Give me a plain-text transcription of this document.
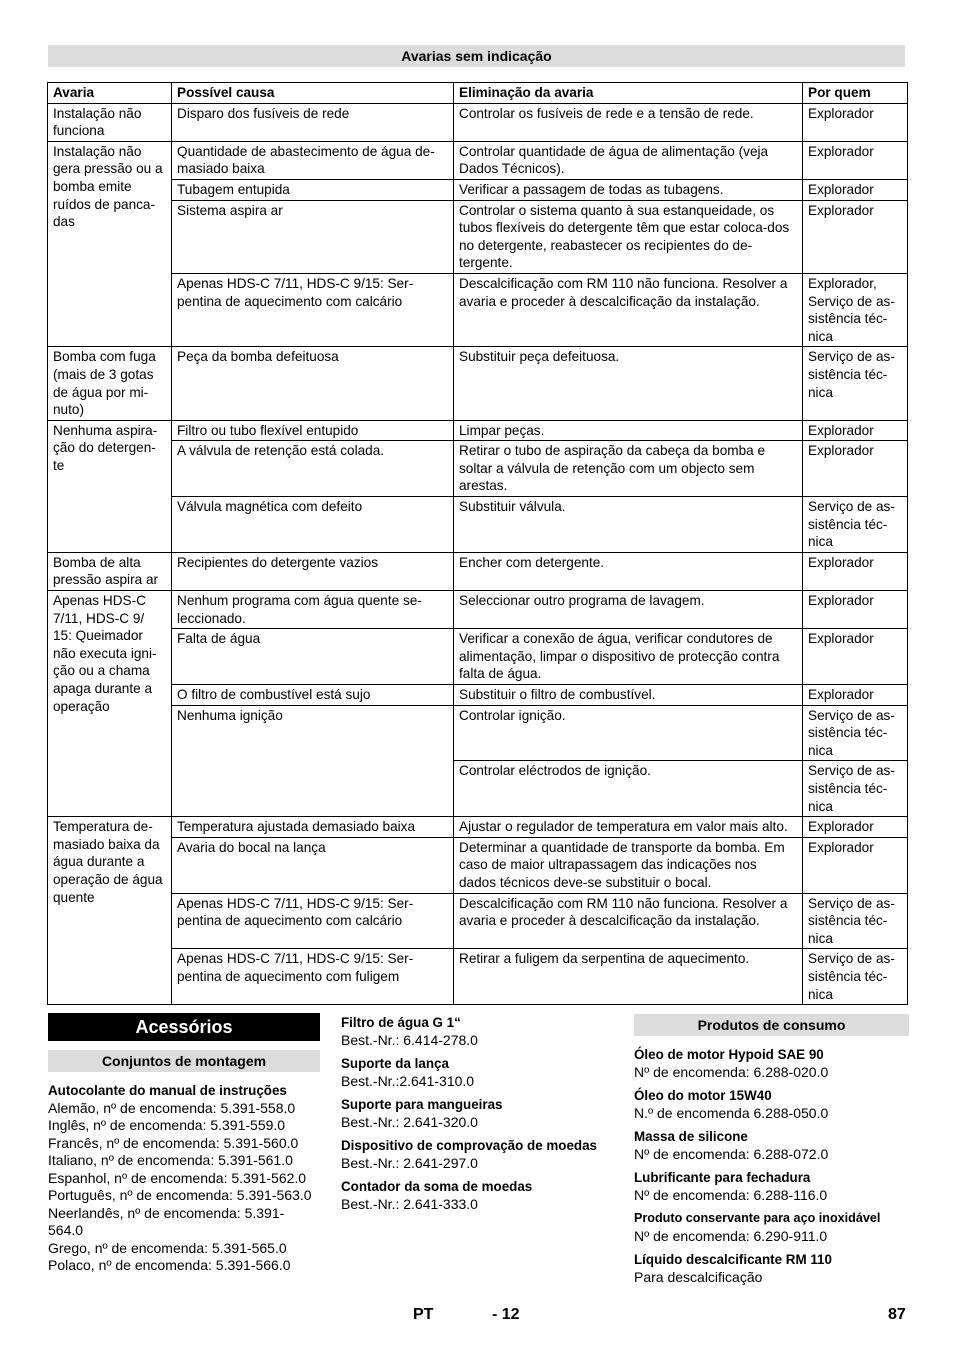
Avarias sem indicação
Avaria	Possível causa	Eliminação da avaria	Por quem
Instalação não funciona	Disparo dos fusíveis de rede	Controlar os fusíveis de rede e a tensão de rede.	Explorador
Instalação não gera pressão ou a bomba emite ruídos de panca-das	Quantidade de abastecimento de água de-masiado baixa	Controlar quantidade de água de alimentação (veja Dados Técnicos).	Explorador
	Tubagem entupida	Verificar a passagem de todas as tubagens.	Explorador
	Sistema aspira ar	Controlar o sistema quanto à sua estanqueidade, os tubos flexíveis do detergente têm que estar coloca-dos no detergente, reabastecer os recipientes do de-tergente.	Explorador
	Apenas HDS-C 7/11, HDS-C 9/15: Ser-pentina de aquecimento com calcário	Descalcificação com RM 110 não funciona. Resolver a avaria e proceder à descalcificação da instalação.	Explorador, Serviço de as-sistência téc-nica
Bomba com fuga (mais de 3 gotas de água por mi-nuto)	Peça da bomba defeituosa	Substituir peça defeituosa.	Serviço de as-sistência téc-nica
Nenhuma aspira-ção do detergen-te	Filtro ou tubo flexível entupido	Limpar peças.	Explorador
	A válvula de retenção está colada.	Retirar o tubo de aspiração da cabeça da bomba e soltar a válvula de retenção com um objecto sem arestas.	Explorador
	Válvula magnética com defeito	Substituir válvula.	Serviço de as-sistência téc-nica
Bomba de alta pressão aspira ar	Recipientes do detergente vazios	Encher com detergente.	Explorador
Apenas HDS-C 7/11, HDS-C 9/ 15: Queimador não executa igni-ção ou a chama apaga durante a operação	Nenhum programa com água quente se-leccionado.	Seleccionar outro programa de lavagem.	Explorador
	Falta de água	Verificar a conexão de água, verificar condutores de alimentação, limpar o dispositivo de protecção contra falta de água.	Explorador
	O filtro de combustível está sujo	Substituir o filtro de combustível.	Explorador
	Nenhuma ignição	Controlar ignição.	Serviço de as-sistência téc-nica
		Controlar eléctrodos de ignição.	Serviço de as-sistência téc-nica
Temperatura de-masiado baixa da água durante a operação de água quente	Temperatura ajustada demasiado baixa	Ajustar o regulador de temperatura em valor mais alto.	Explorador
	Avaria do bocal na lança	Determinar a quantidade de transporte da bomba. Em caso de maior ultrapassagem das indicações nos dados técnicos deve-se substituir o bocal.	Explorador
	Apenas HDS-C 7/11, HDS-C 9/15: Ser-pentina de aquecimento com calcário	Descalcificação com RM 110 não funciona. Resolver a avaria e proceder à descalcificação da instalação.	Serviço de as-sistência téc-nica
	Apenas HDS-C 7/11, HDS-C 9/15: Ser-pentina de aquecimento com fuligem	Retirar a fuligem da serpentina de aquecimento.	Serviço de as-sistência téc-nica
Acessórios
Conjuntos de montagem
Autocolante do manual de instruções
Alemão, nº de encomenda: 5.391-558.0
Inglês, nº de encomenda: 5.391-559.0
Francês, nº de encomenda: 5.391-560.0
Italiano, nº de encomenda: 5.391-561.0
Espanhol, nº de encomenda: 5.391-562.0
Português, nº de encomenda: 5.391-563.0
Neerlandês, nº de encomenda: 5.391-
564.0
Grego, nº de encomenda: 5.391-565.0
Polaco, nº de encomenda: 5.391-566.0
Filtro de água G 1“
Best.-Nr.: 6.414-278.0
Suporte da lança
Best.-Nr.:2.641-310.0
Suporte para mangueiras
Best.-Nr.: 2.641-320.0
Dispositivo de comprovação de moedas
Best.-Nr.: 2.641-297.0
Contador da soma de moedas
Best.-Nr.: 2.641-333.0
Produtos de consumo
Óleo de motor Hypoid SAE 90
Nº de encomenda: 6.288-020.0
Óleo do motor 15W40
N.º de encomenda 6.288-050.0
Massa de silicone
Nº de encomenda: 6.288-072.0
Lubrificante para fechadura
Nº de encomenda: 6.288-116.0
Produto conservante para aço inoxidável
Nº de encomenda: 6.290-911.0
Líquido descalcificante RM 110
Para descalcificação
PT	- 12	87
